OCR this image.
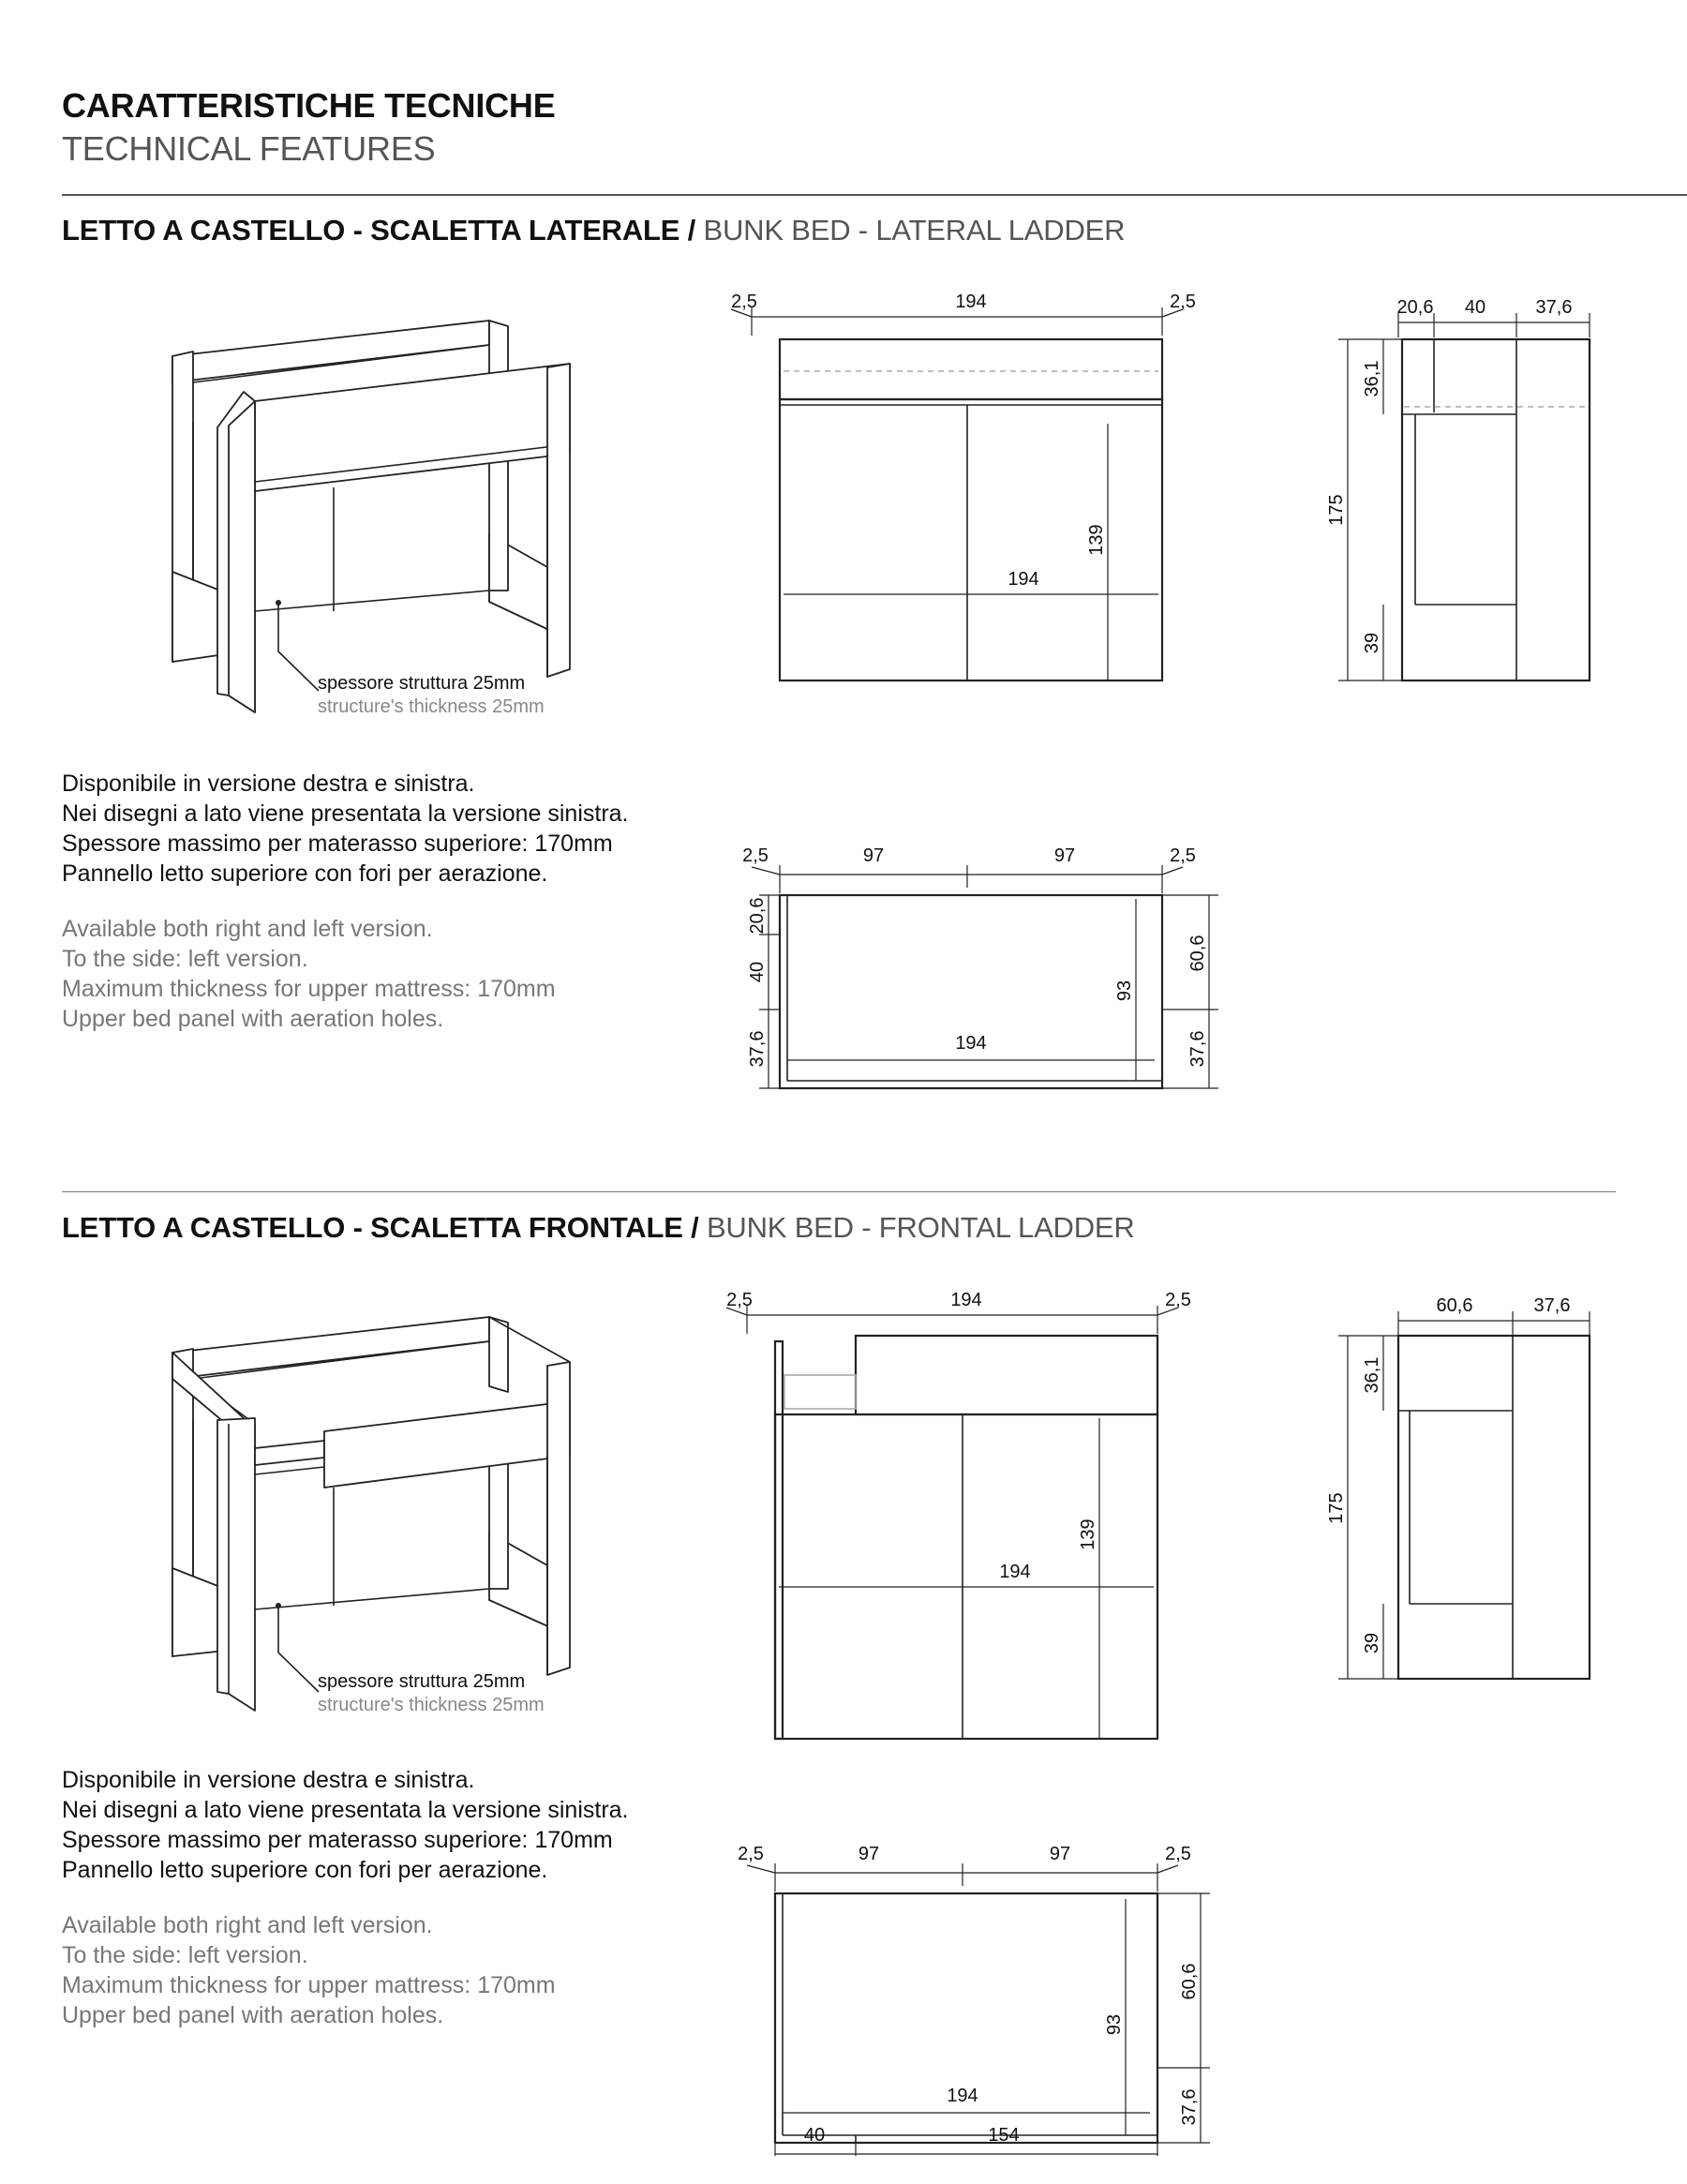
CARATTERISTICHE TECNICHE
TECHNICAL FEATURES
LETTO A CASTELLO - SCALETTA LATERALE / BUNK BED - LATERAL LADDER
spessore struttura 25mm
structure's thickness 25mm
Disponibile in versione destra e sinistra.
Nei disegni a lato viene presentata la versione sinistra.
Spessore massimo per materasso superiore: 170mm
Pannello letto superiore con fori per aerazione.
Available both right and left version.
To the side: left version.
Maximum thickness for upper mattress: 170mm
Upper bed panel with aeration holes.
2,5	194	2,5
139
194
20,6 40	37,6
36,1
175
39
2,5	97	97	2,5
20,6
40
37,6
93
60,6
37,6
194
LETTO A CASTELLO - SCALETTA FRONTALE / BUNK BED - FRONTAL LADDER
spessore struttura 25mm
structure's thickness 25mm
Disponibile in versione destra e sinistra.
Nei disegni a lato viene presentata la versione sinistra.
Spessore massimo per materasso superiore: 170mm
Pannello letto superiore con fori per aerazione.
Available both right and left version.
To the side: left version.
Maximum thickness for upper mattress: 170mm
Upper bed panel with aeration holes.
2,5	194	2,5
139
194
60,6	37,6
36,1
175
39
2,5	97	97	2,5
93
60,6
37,6
194
40	154
